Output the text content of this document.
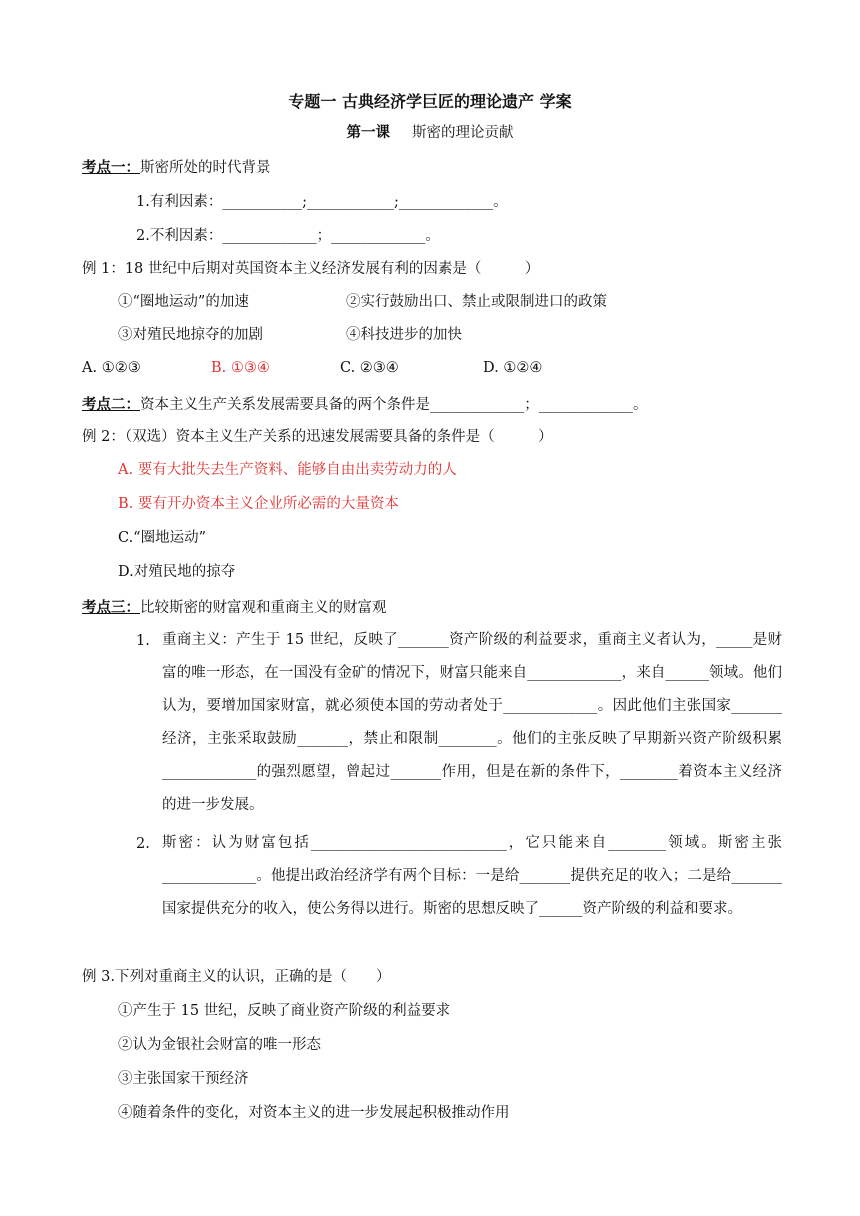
专题一 古典经济学巨匠的理论遗产 学案
第一课 斯密的理论贡献
考点一：斯密所处的时代背景
1.有利因素：___________;____________;_____________。
2.不利因素：_____________；_____________。
例 1：18 世纪中后期对英国资本主义经济发展有利的因素是（　　　）
①“圈地运动”的加速	②实行鼓励出口、禁止或限制进口的政策
③对殖民地掠夺的加剧	④科技进步的加快
A. ①②③	B. ①③④	C. ②③④	D. ①②④
考点二：资本主义生产关系发展需要具备的两个条件是_____________；_____________。
例 2：（双选）资本主义生产关系的迅速发展需要具备的条件是（　　　）
A. 要有大批失去生产资料、能够自由出卖劳动力的人
B. 要有开办资本主义企业所必需的大量资本
C.“圈地运动”
D.对殖民地的掠夺
考点三：比较斯密的财富观和重商主义的财富观
1. 重商主义：产生于 15 世纪，反映了_______资产阶级的利益要求，重商主义者认为，_____是财富的唯一形态，在一国没有金矿的情况下，财富只能来自_____________，来自______领域。他们认为，要增加国家财富，就必须使本国的劳动者处于_____________。因此他们主张国家_______经济，主张采取鼓励_______，禁止和限制________。他们的主张反映了早期新兴资产阶级积累_____________的强烈愿望，曾起过_______作用，但是在新的条件下，________着资本主义经济的进一步发展。
2. 斯密：认为财富包括___________________________，它只能来自________领域。斯密主张_____________。他提出政治经济学有两个目标：一是给_______提供充足的收入；二是给_______国家提供充分的收入，使公务得以进行。斯密的思想反映了______资产阶级的利益和要求。
例 3.下列对重商主义的认识，正确的是（　　）
①产生于 15 世纪，反映了商业资产阶级的利益要求
②认为金银社会财富的唯一形态
③主张国家干预经济
④随着条件的变化，对资本主义的进一步发展起积极推动作用
